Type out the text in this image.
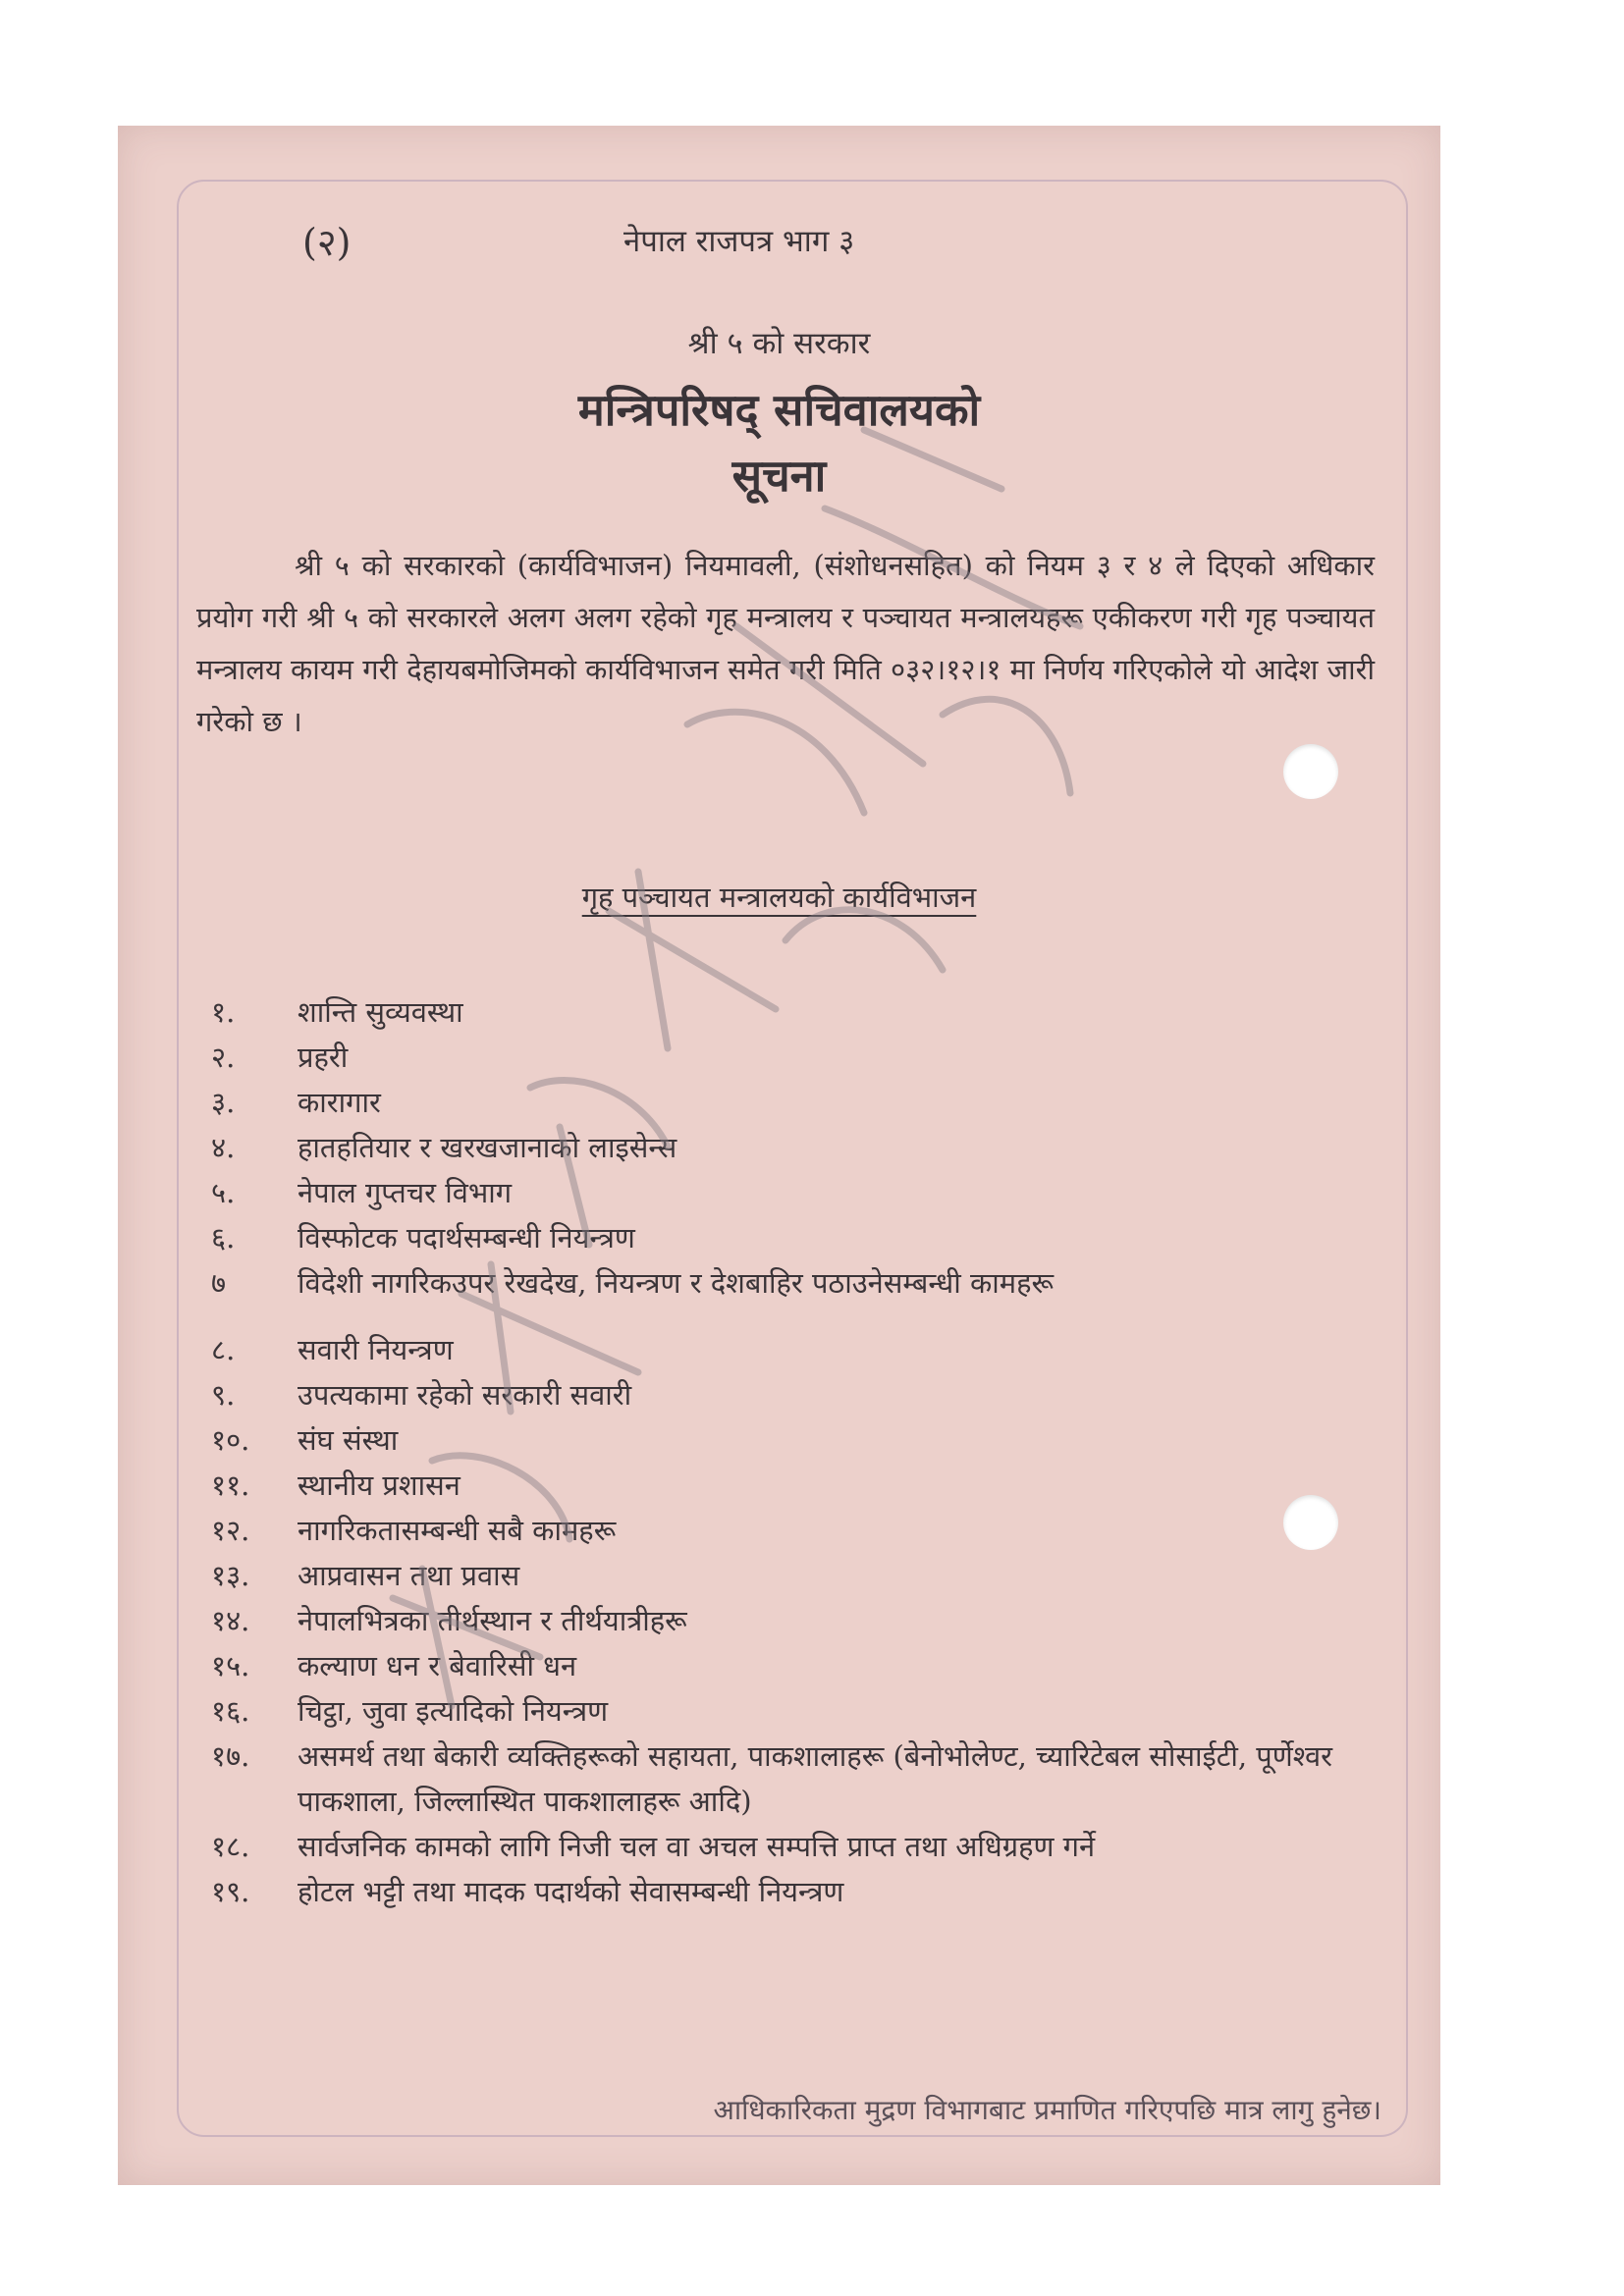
(२)	नेपाल राजपत्र भाग ३
श्री ५ को सरकार
मन्त्रिपरिषद् सचिवालयको
सूचना

श्री ५ को सरकारको (कार्यविभाजन) नियमावली, (संशोधनसहित) को नियम ३ र ४ ले दिएको अधिकार प्रयोग गरी श्री ५ को सरकारले अलग अलग रहेको गृह मन्त्रालय र पञ्चायत मन्त्रालयहरू एकीकरण गरी गृह पञ्चायत मन्त्रालय कायम गरी देहायबमोजिमको कार्यविभाजन समेत गरी मिति ०३२।१२।१ मा निर्णय गरिएकोले यो आदेश जारी गरेको छ ।

गृह पञ्चायत मन्त्रालयको कार्यविभाजन
१.	शान्ति सुव्यवस्था
२.	प्रहरी
३.	कारागार
४.	हातहतियार र खरखजानाको लाइसेन्स
५.	नेपाल गुप्तचर विभाग
६.	विस्फोटक पदार्थसम्बन्धी नियन्त्रण
७	विदेशी नागरिकउपर रेखदेख, नियन्त्रण र देशबाहिर पठाउनेसम्बन्धी कामहरू
८.	सवारी नियन्त्रण
९.	उपत्यकामा रहेको सरकारी सवारी
१०.	संघ संस्था
११.	स्थानीय प्रशासन
१२.	नागरिकतासम्बन्धी सबै कामहरू
१३.	आप्रवासन तथा प्रवास
१४.	नेपालभित्रका तीर्थस्थान र तीर्थयात्रीहरू
१५.	कल्याण धन र बेवारिसी धन
१६.	चिट्ठा, जुवा इत्यादिको नियन्त्रण
१७.	असमर्थ तथा बेकारी व्यक्तिहरूको सहायता, पाकशालाहरू (बेनोभोलेण्ट, च्यारिटेबल सोसाईटी, पूर्णेश्वर पाकशाला, जिल्लास्थित पाकशालाहरू आदि)
१८.	सार्वजनिक कामको लागि निजी चल वा अचल सम्पत्ति प्राप्त तथा अधिग्रहण गर्ने
१९.	होटल भट्टी तथा मादक पदार्थको सेवासम्बन्धी नियन्त्रण
आधिकारिकता मुद्रण विभागबाट प्रमाणित गरिएपछि मात्र लागु हुनेछ।
